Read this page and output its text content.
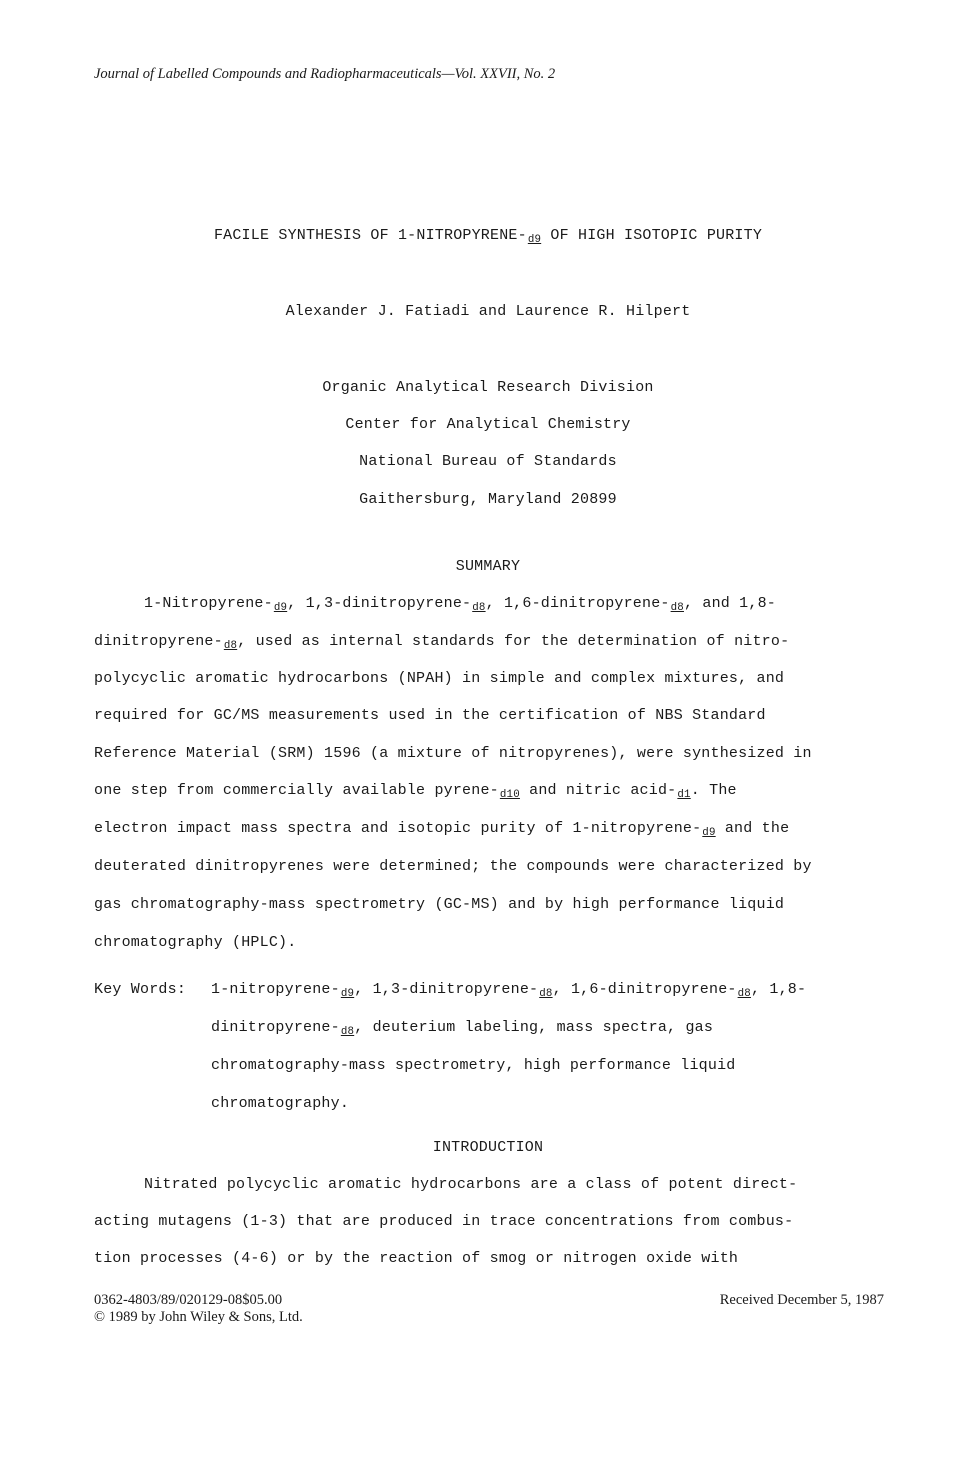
Journal of Labelled Compounds and Radiopharmaceuticals—Vol. XXVII, No. 2
FACILE SYNTHESIS OF $1-NITROPYRENE-_{d9}$ OF HIGH ISOTOPIC PURITY
Alexander J. Fatiadi and Laurence R. Hilpert
Organic Analytical Research Division
Center for Analytical Chemistry
National Bureau of Standards
Gaithersburg, Maryland 20899
SUMMARY
$1-Nitropyrene-_{d9}$, $1,3-dinitropyrene-_{d8}$, $1,6-dinitropyrene-_{d8}$, and 1,8-
dinitropyrene-$_{d8}$, used as internal standards for the determination of nitro-
polycyclic aromatic hydrocarbons (NPAH) in simple and complex mixtures, and
required for GC/MS measurements used in the certification of NBS Standard
Reference Material (SRM) 1596 (a mixture of nitropyrenes), were synthesized in
one step from commercially available pyrene-$_{d10}$ and nitric acid-$_{d1}$. The
electron impact mass spectra and isotopic purity of $1-nitropyrene-_{d9}$ and the
deuterated dinitropyrenes were determined; the compounds were characterized by
gas chromatography-mass spectrometry (GC-MS) and by high performance liquid
chromatography (HPLC).
Key Words: $1-nitropyrene-_{d9}$, $1,3-dinitropyrene-_{d8}$, $1,6-dinitropyrene-_{d8}$, 1,8-
dinitropyrene-$_{d8}$, deuterium labeling, mass spectra, gas
chromatography-mass spectrometry, high performance liquid
chromatography.
INTRODUCTION
Nitrated polycyclic aromatic hydrocarbons are a class of potent direct-
acting mutagens (1-3) that are produced in trace concentrations from combus-
tion processes (4-6) or by the reaction of smog or nitrogen oxide with
0362-4803/89/020129-08$05.00
© 1989 by John Wiley & Sons, Ltd.
Received December 5, 1987
